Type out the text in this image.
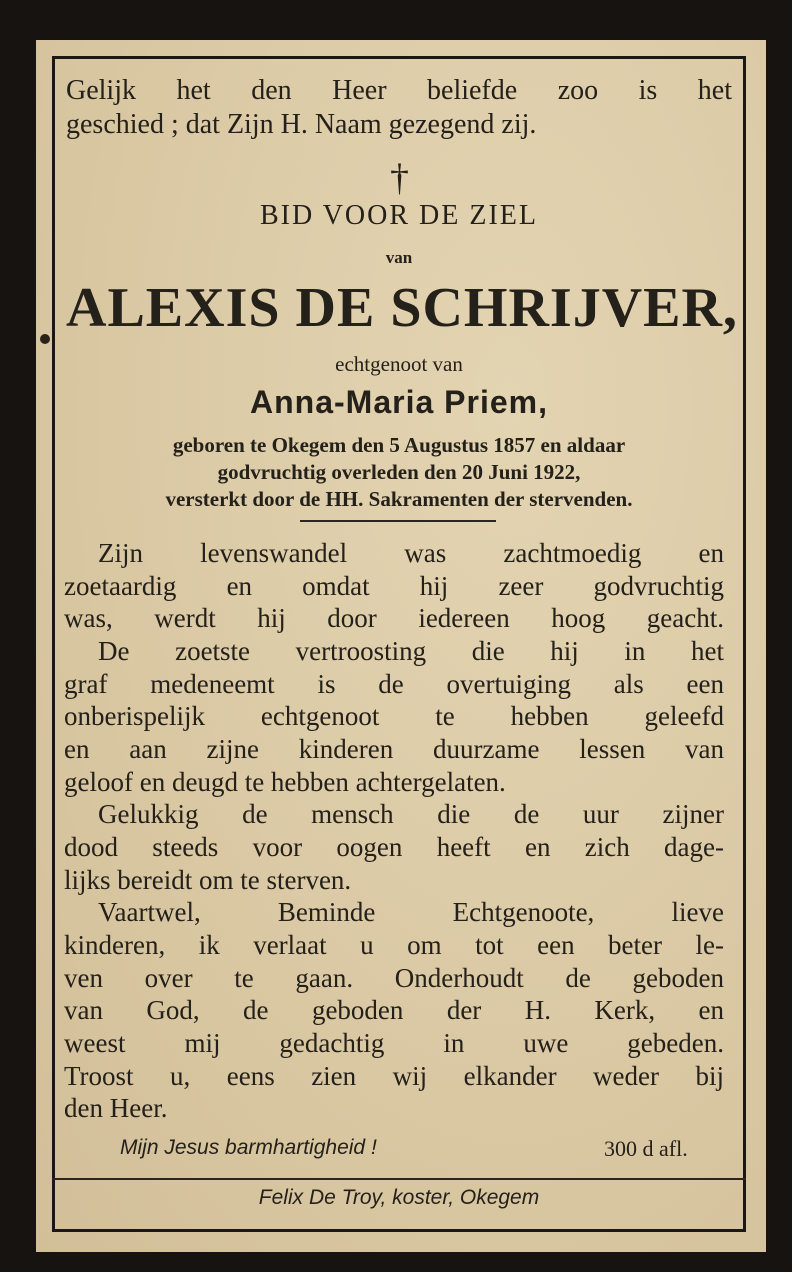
Gelijk het den Heer beliefde zoo is het
geschied ; dat Zijn H. Naam gezegend zij.
†
BID VOOR DE ZIEL
van
ALEXIS DE SCHRIJVER,
echtgenoot van
Anna-Maria Priem,
geboren te Okegem den 5 Augustus 1857 en aldaar
godvruchtig overleden den 20 Juni 1922,
versterkt door de HH. Sakramenten der stervenden.
Zijn levenswandel was zachtmoedig en
zoetaardig en omdat hij zeer godvruchtig
was, werdt hij door iedereen hoog geacht.
De zoetste vertroosting die hij in het
graf medeneemt is de overtuiging als een
onberispelijk echtgenoot te hebben geleefd
en aan zijne kinderen duurzame lessen van
geloof en deugd te hebben achtergelaten.
Gelukkig de mensch die de uur zijner
dood steeds voor oogen heeft en zich dage-
lijks bereidt om te sterven.
Vaartwel, Beminde Echtgenoote, lieve
kinderen, ik verlaat u om tot een beter le-
ven over te gaan. Onderhoudt de geboden
van God, de geboden der H. Kerk, en
weest mij gedachtig in uwe gebeden.
Troost u, eens zien wij elkander weder bij
den Heer.
Mijn Jesus barmhartigheid !	300 d afl.
Felix De Troy, koster, Okegem
